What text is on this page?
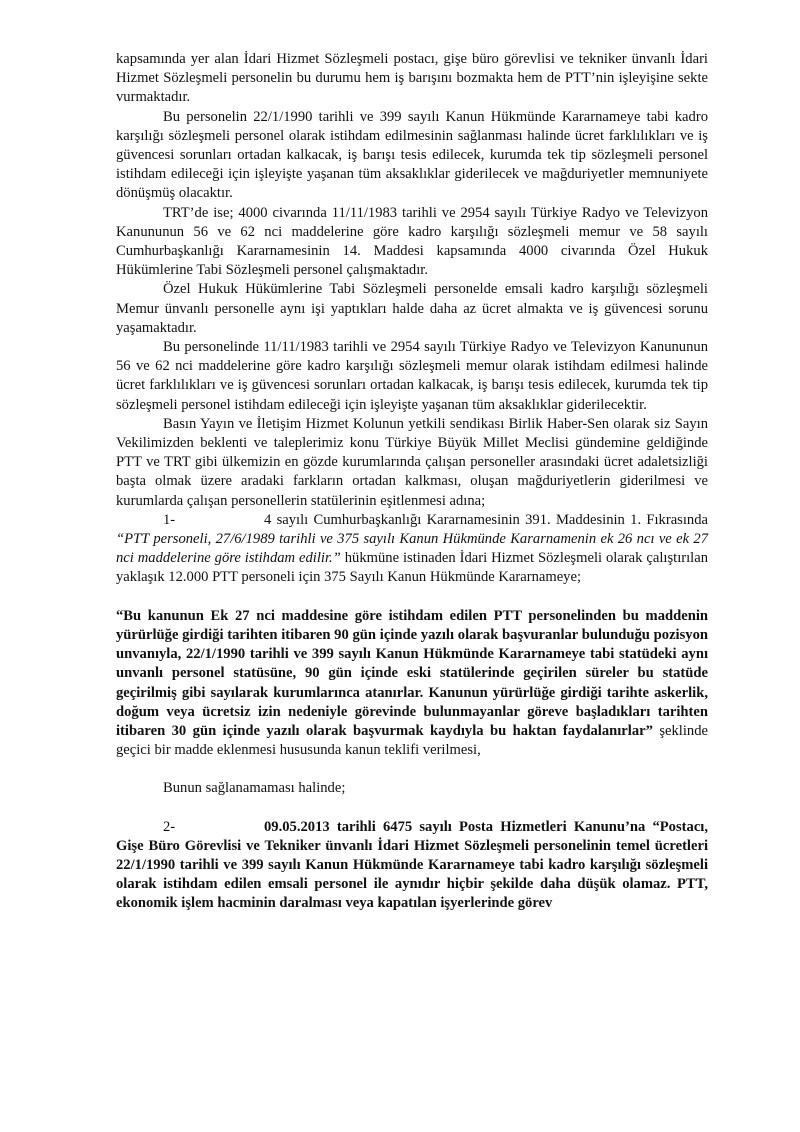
kapsamında yer alan İdari Hizmet Sözleşmeli postacı, gişe büro görevlisi ve tekniker ünvanlı İdari Hizmet Sözleşmeli personelin bu durumu hem iş barışını bozmakta hem de PTT’nin işleyişine sekte vurmaktadır.

Bu personelin 22/1/1990 tarihli ve 399 sayılı Kanun Hükmünde Kararnameye tabi kadro karşılığı sözleşmeli personel olarak istihdam edilmesinin sağlanması halinde ücret farklılıkları ve iş güvencesi sorunları ortadan kalkacak, iş barışı tesis edilecek, kurumda tek tip sözleşmeli personel istihdam edileceği için işleyişte yaşanan tüm aksaklıklar giderilecek ve mağduriyetler memnuniyete dönüşmüş olacaktır.

TRT’de ise; 4000 civarında 11/11/1983 tarihli ve 2954 sayılı Türkiye Radyo ve Televizyon Kanununun 56 ve 62 nci maddelerine göre kadro karşılığı sözleşmeli memur ve 58 sayılı Cumhurbaşkanlığı Kararnamesinin 14. Maddesi kapsamında 4000 civarında Özel Hukuk Hükümlerine Tabi Sözleşmeli personel çalışmaktadır.

Özel Hukuk Hükümlerine Tabi Sözleşmeli personelde emsali kadro karşılığı sözleşmeli Memur ünvanlı personelle aynı işi yaptıkları halde daha az ücret almakta ve iş güvencesi sorunu yaşamaktadır.

Bu personelinde 11/11/1983 tarihli ve 2954 sayılı Türkiye Radyo ve Televizyon Kanununun 56 ve 62 nci maddelerine göre kadro karşılığı sözleşmeli memur olarak istihdam edilmesi halinde ücret farklılıkları ve iş güvencesi sorunları ortadan kalkacak, iş barışı tesis edilecek, kurumda tek tip sözleşmeli personel istihdam edileceği için işleyişte yaşanan tüm aksaklıklar giderilecektir.

Basın Yayın ve İletişim Hizmet Kolunun yetkili sendikası Birlik Haber-Sen olarak siz Sayın Vekilimizden beklenti ve taleplerimiz konu Türkiye Büyük Millet Meclisi gündemine geldiğinde PTT ve TRT gibi ülkemizin en gözde kurumlarında çalışan personeller arasındaki ücret adaletsizliği başta olmak üzere aradaki farkların ortadan kalkması, oluşan mağduriyetlerin giderilmesi ve kurumlarda çalışan personellerin statülerinin eşitlenmesi adına;

1-	4 sayılı Cumhurbaşkanlığı Kararnamesinin 391. Maddesinin 1. Fıkrasında “PTT personeli, 27/6/1989 tarihli ve 375 sayılı Kanun Hükmünde Kararnamenin ek 26 ncı ve ek 27 nci maddelerine göre istihdam edilir.” hükmüne istinaden İdari Hizmet Sözleşmeli olarak çalıştırılan yaklaşık 12.000 PTT personeli için 375 Sayılı Kanun Hükmünde Kararnameye;

“Bu kanunun Ek 27 nci maddesine göre istihdam edilen PTT personelinden bu maddenin yürürlüğe girdiği tarihten itibaren 90 gün içinde yazılı olarak başvuranlar bulunduğu pozisyon unvanıyla, 22/1/1990 tarihli ve 399 sayılı Kanun Hükmünde Kararnameye tabi statüdeki aynı unvanlı personel statüsüne, 90 gün içinde eski statülerinde geçirilen süreler bu statüde geçirilmiş gibi sayılarak kurumlarınca atanırlar. Kanunun yürürlüğe girdiği tarihte askerlik, doğum veya ücretsiz izin nedeniyle görevinde bulunmayanlar göreve başladıkları tarihten itibaren 30 gün içinde yazılı olarak başvurmak kaydıyla bu haktan faydalanırlar” şeklinde geçici bir madde eklenmesi hususunda kanun teklifi verilmesi,

Bunun sağlanamaması halinde;

2-	09.05.2013 tarihli 6475 sayılı Posta Hizmetleri Kanunu’na “Postacı, Gişe Büro Görevlisi ve Tekniker ünvanlı İdari Hizmet Sözleşmeli personelinin temel ücretleri 22/1/1990 tarihli ve 399 sayılı Kanun Hükmünde Kararnameye tabi kadro karşılığı sözleşmeli olarak istihdam edilen emsali personel ile aynıdır hiçbir şekilde daha düşük olamaz. PTT, ekonomik işlem hacminin daralması veya kapatılan işyerlerinde görev
